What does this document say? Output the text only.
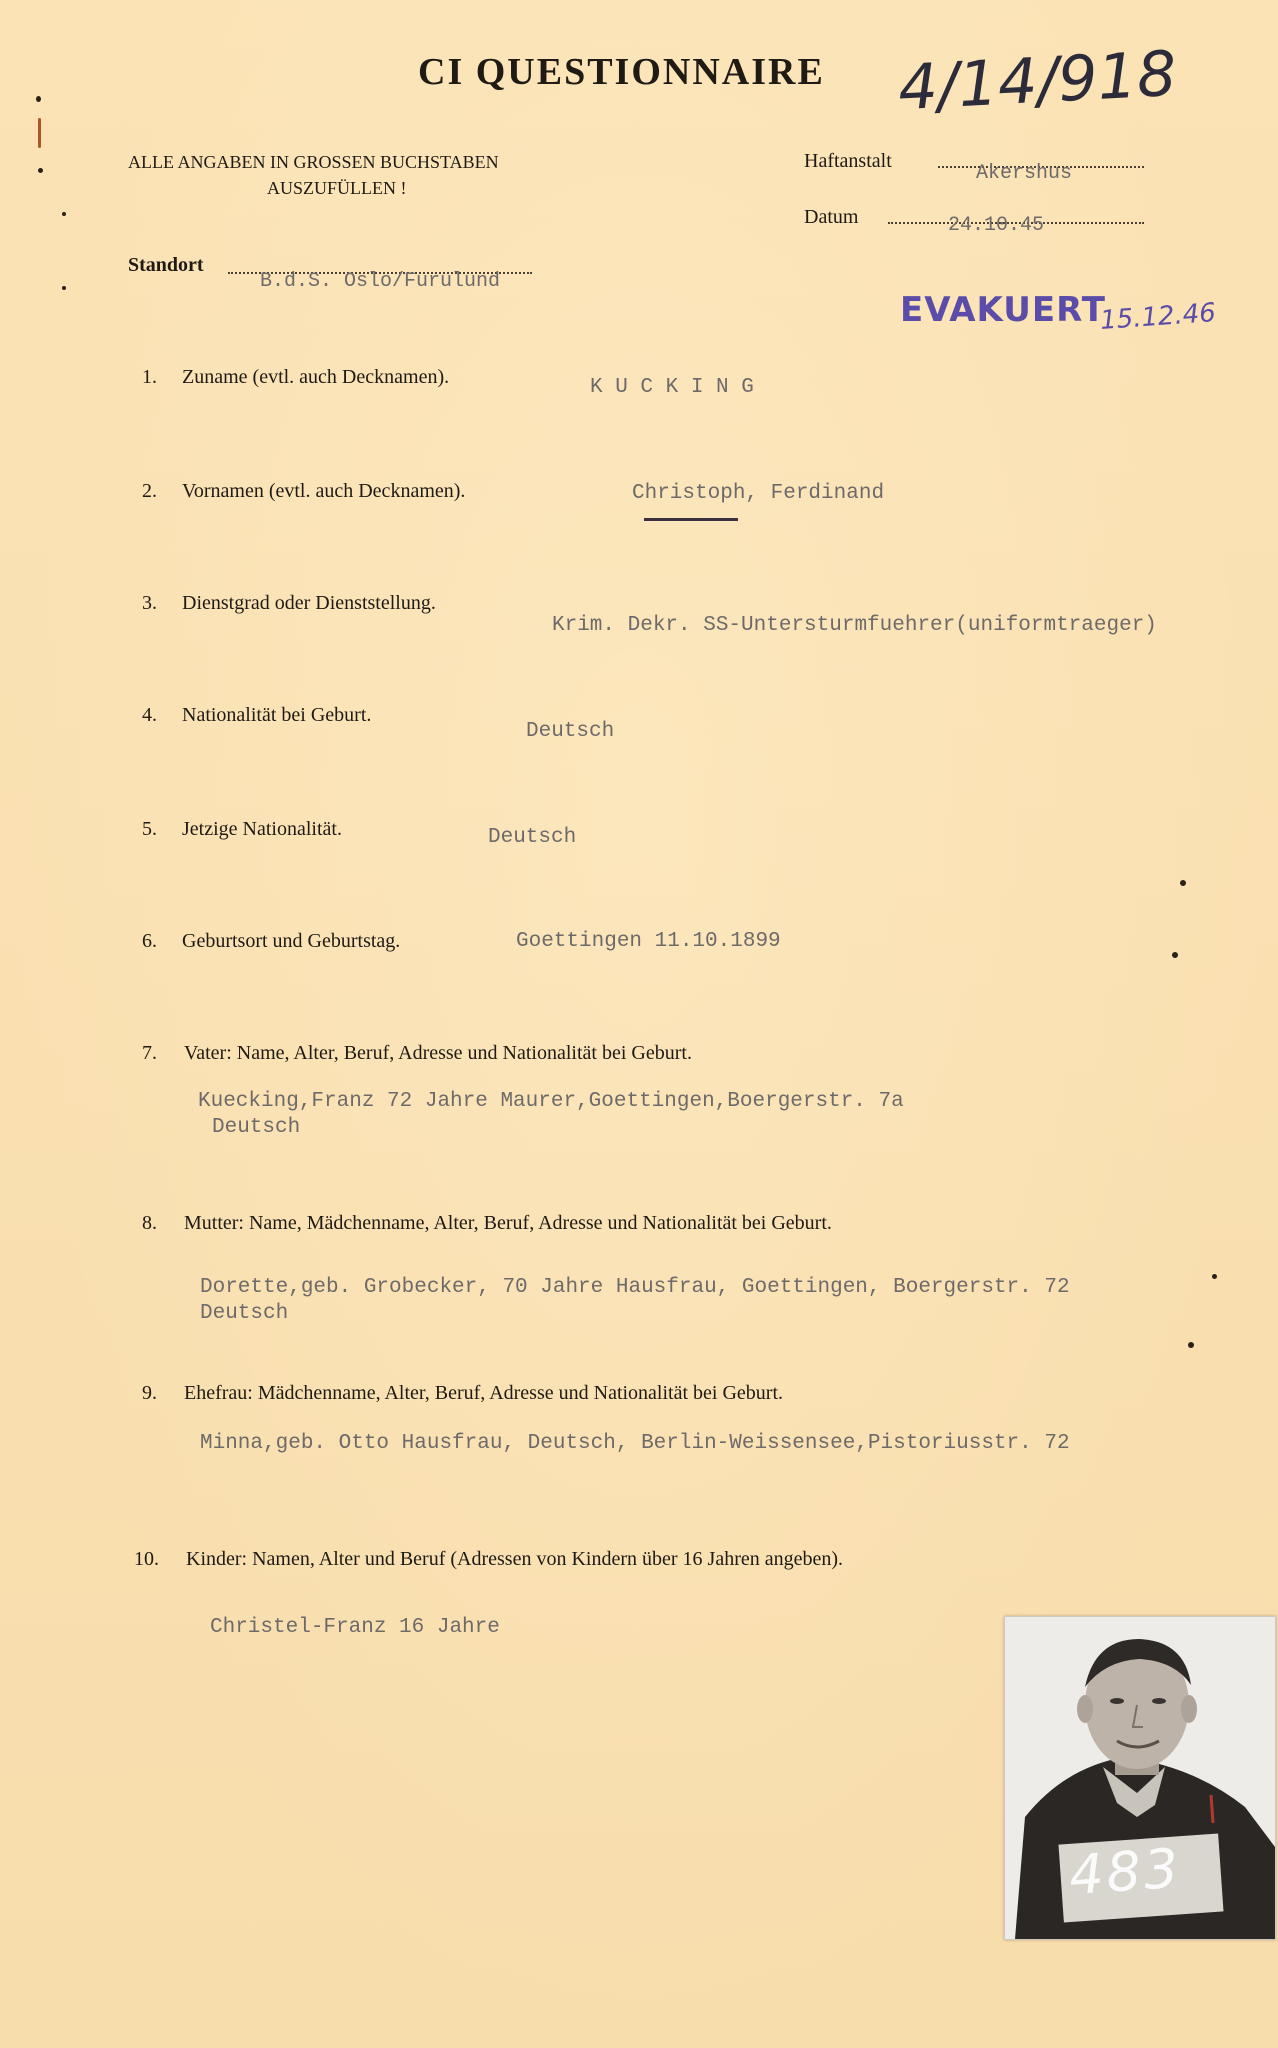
CI QUESTIONNAIRE 4/14/918
ALLE ANGABEN IN GROSSEN BUCHSTABEN
AUSZUFÜLLEN !
Haftanstalt
Akershus
Datum	24.10.45
Standort
B.d.S. Oslo/Furulund
EVAKUERT
15.12.46
1. Zuname (evtl. auch Decknamen).	K U C K I N G
2. Vornamen (evtl. auch Decknamen).	Christoph, Ferdinand
3. Dienstgrad oder Dienststellung.
Krim. Dekr. SS-Untersturmfuehrer(uniformtraeger)
4. Nationalität bei Geburt.
Deutsch
5. Jetzige Nationalität.	Deutsch
6. Geburtsort und Geburtstag.	Goettingen 11.10.1899
7. Vater: Name, Alter, Beruf, Adresse und Nationalität bei Geburt.
Kuecking,Franz 72 Jahre Maurer,Goettingen,Boergerstr. 7a
Deutsch
8. Mutter: Name, Mädchenname, Alter, Beruf, Adresse und Nationalität bei Geburt.
Dorette,geb. Grobecker, 70 Jahre Hausfrau, Goettingen, Boergerstr. 72
Deutsch
9. Ehefrau: Mädchenname, Alter, Beruf, Adresse und Nationalität bei Geburt.
Minna,geb. Otto Hausfrau, Deutsch, Berlin-Weissensee,Pistoriusstr. 72
10. Kinder: Namen, Alter und Beruf (Adressen von Kindern über 16 Jahren angeben).
Christel-Franz 16 Jahre
483
